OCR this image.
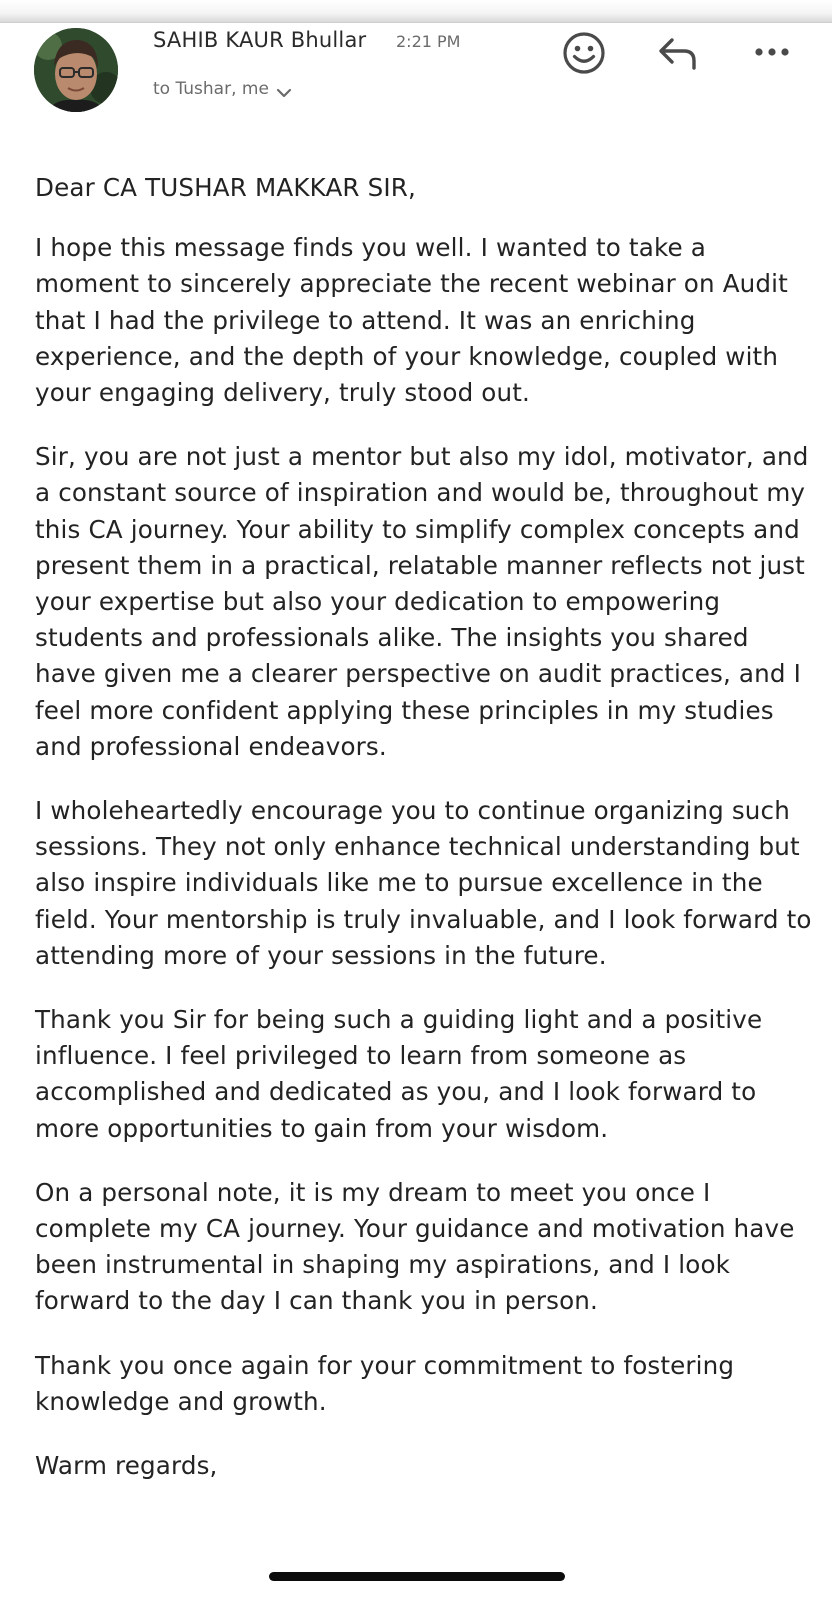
SAHIB KAUR Bhullar 2:21 PM
to Tushar, me

Dear CA TUSHAR MAKKAR SIR,

I hope this message finds you well. I wanted to take a moment to sincerely appreciate the recent webinar on Audit that I had the privilege to attend. It was an enriching experience, and the depth of your knowledge, coupled with your engaging delivery, truly stood out.

Sir, you are not just a mentor but also my idol, motivator, and a constant source of inspiration and would be, throughout my this CA journey. Your ability to simplify complex concepts and present them in a practical, relatable manner reflects not just your expertise but also your dedication to empowering students and professionals alike. The insights you shared have given me a clearer perspective on audit practices, and I feel more confident applying these principles in my studies and professional endeavors.

I wholeheartedly encourage you to continue organizing such sessions. They not only enhance technical understanding but also inspire individuals like me to pursue excellence in the field. Your mentorship is truly invaluable, and I look forward to attending more of your sessions in the future.

Thank you Sir for being such a guiding light and a positive influence. I feel privileged to learn from someone as accomplished and dedicated as you, and I look forward to more opportunities to gain from your wisdom.

On a personal note, it is my dream to meet you once I complete my CA journey. Your guidance and motivation have been instrumental in shaping my aspirations, and I look forward to the day I can thank you in person.

Thank you once again for your commitment to fostering knowledge and growth.

Warm regards,
